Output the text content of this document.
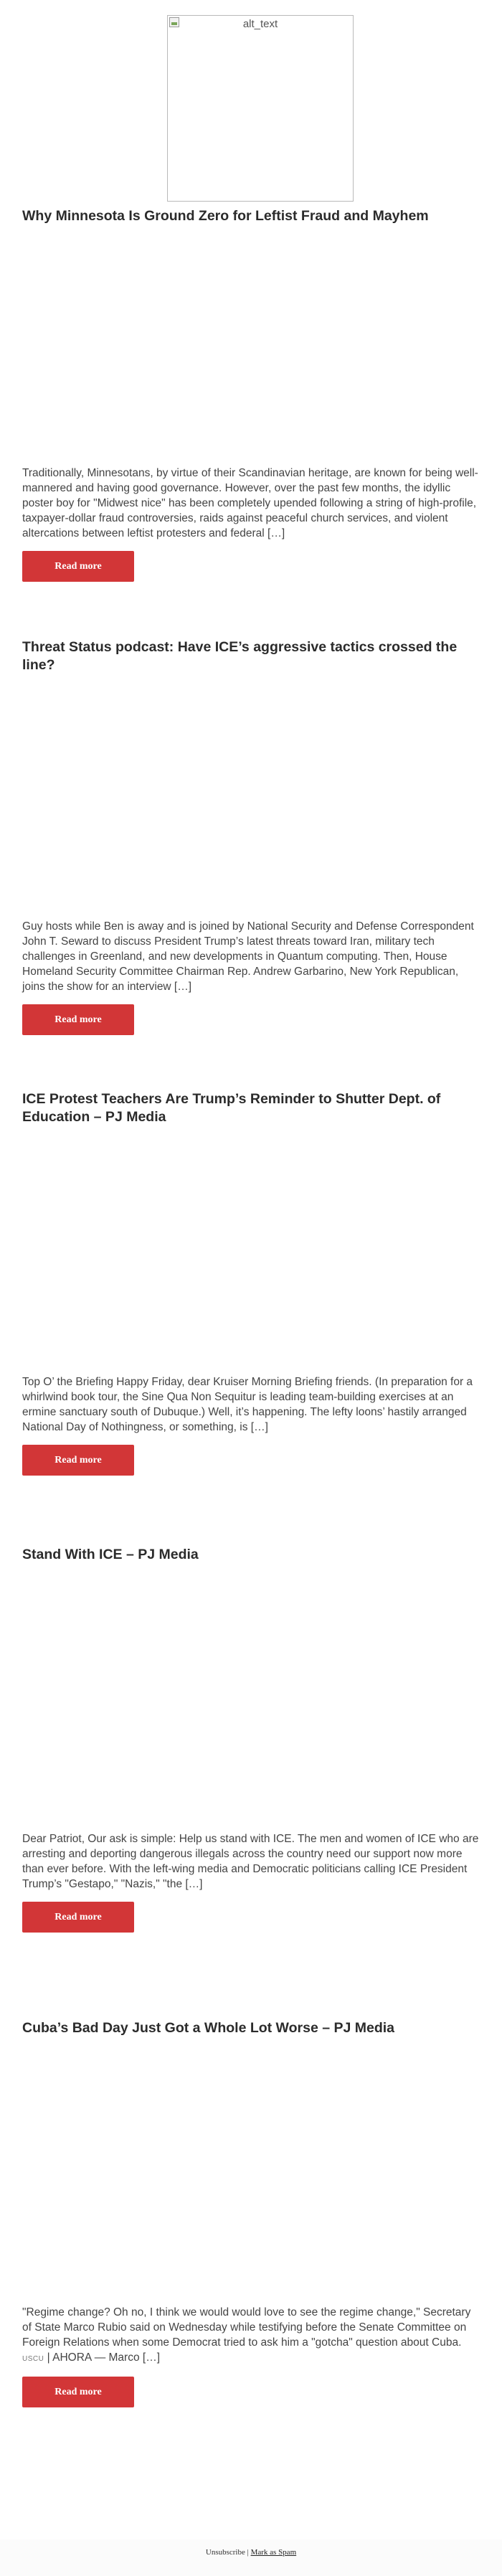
alt_text
Why Minnesota Is Ground Zero for Leftist Fraud and Mayhem

Traditionally, Minnesotans, by virtue of their Scandinavian heritage, are known for being well-mannered and having good governance. However, over the past few months, the idyllic poster boy for "Midwest nice" has been completely upended following a string of high-profile, taxpayer-dollar fraud controversies, raids against peaceful church services, and violent altercations between leftist protesters and federal […]

Read more
Threat Status podcast: Have ICE’s aggressive tactics crossed the line?

Guy hosts while Ben is away and is joined by National Security and Defense Correspondent John T. Seward to discuss President Trump’s latest threats toward Iran, military tech challenges in Greenland, and new developments in Quantum computing. Then, House Homeland Security Committee Chairman Rep. Andrew Garbarino, New York Republican, joins the show for an interview […]

Read more
ICE Protest Teachers Are Trump’s Reminder to Shutter Dept. of Education – PJ Media

Top O’ the Briefing Happy Friday, dear Kruiser Morning Briefing friends. (In preparation for a whirlwind book tour, the Sine Qua Non Sequitur is leading team-building exercises at an ermine sanctuary south of Dubuque.) Well, it’s happening. The lefty loons’ hastily arranged National Day of Nothingness, or something, is […]

Read more
Stand With ICE – PJ Media

Dear Patriot, Our ask is simple: Help us stand with ICE. The men and women of ICE who are arresting and deporting dangerous illegals across the country need our support now more than ever before. With the left-wing media and Democratic politicians calling ICE President Trump’s "Gestapo," "Nazis," "the […]

Read more
Cuba’s Bad Day Just Got a Whole Lot Worse – PJ Media

"Regime change? Oh no, I think we would would love to see the regime change," Secretary of State Marco Rubio said on Wednesday while testifying before the Senate Committee on Foreign Relations when some Democrat tried to ask him a "gotcha" question about Cuba. USCU | AHORA — Marco […]

Read more
Unsubscribe | Mark as Spam
